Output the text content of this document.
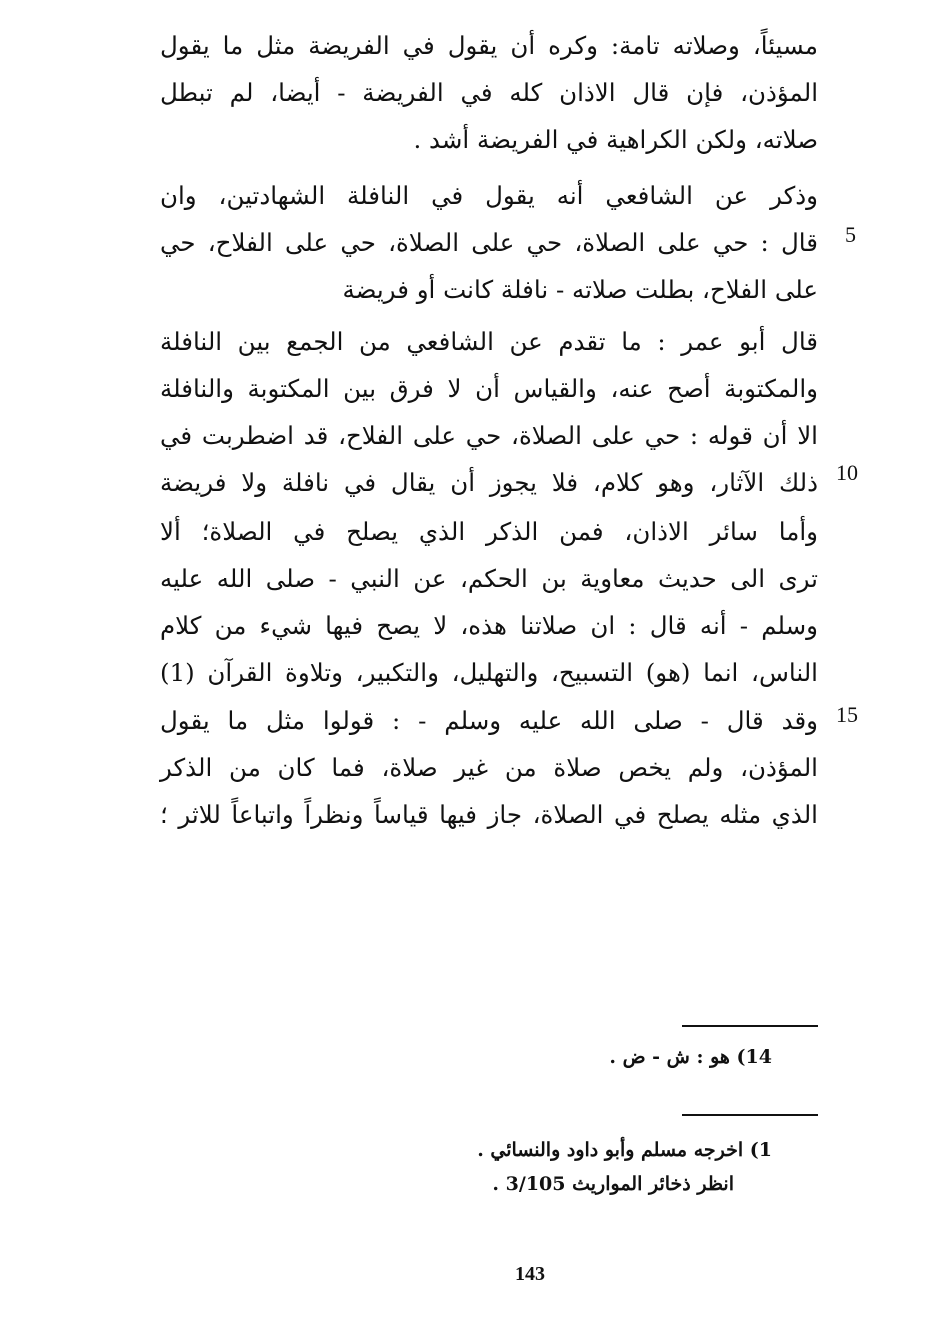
مسيئاً، وصلاته تامة: وكره أن يقول في الفريضة مثل ما يقول
المؤذن، فإن قال الاذان كله في الفريضة - أيضا، لم تبطل
صلاته، ولكن الكراهية في الفريضة أشد .
وذكر عن الشافعي أنه يقول في النافلة الشهادتين، وان
قال : حي على الصلاة، حي على الصلاة، حي على الفلاح، حي
على الفلاح، بطلت صلاته - نافلة كانت أو فريضة
قال أبو عمر : ما تقدم عن الشافعي من الجمع بين النافلة
والمكتوبة أصح عنه، والقياس أن لا فرق بين المكتوبة والنافلة
الا أن قوله : حي على الصلاة، حي على الفلاح، قد اضطربت في
ذلك الآثار، وهو كلام، فلا يجوز أن يقال في نافلة ولا فريضة
وأما سائر الاذان، فمن الذكر الذي يصلح في الصلاة؛ ألا
ترى الى حديث معاوية بن الحكم، عن النبي - صلى الله عليه
وسلم - أنه قال : ان صلاتنا هذه، لا يصح فيها شيء من كلام
الناس، انما (هو) التسبيح، والتهليل، والتكبير، وتلاوة القرآن (1)
وقد قال - صلى الله عليه وسلم - : قولوا مثل ما يقول
المؤذن، ولم يخص صلاة من غير صلاة، فما كان من الذكر
الذي مثله يصلح في الصلاة، جاز فيها قياساً ونظراً واتباعاً للاثر ؛
5
10
15
14) هو : ش - ض .
1) اخرجه مسلم وأبو داود والنسائي .
انظر ذخائر المواريث 3/105 .
143
